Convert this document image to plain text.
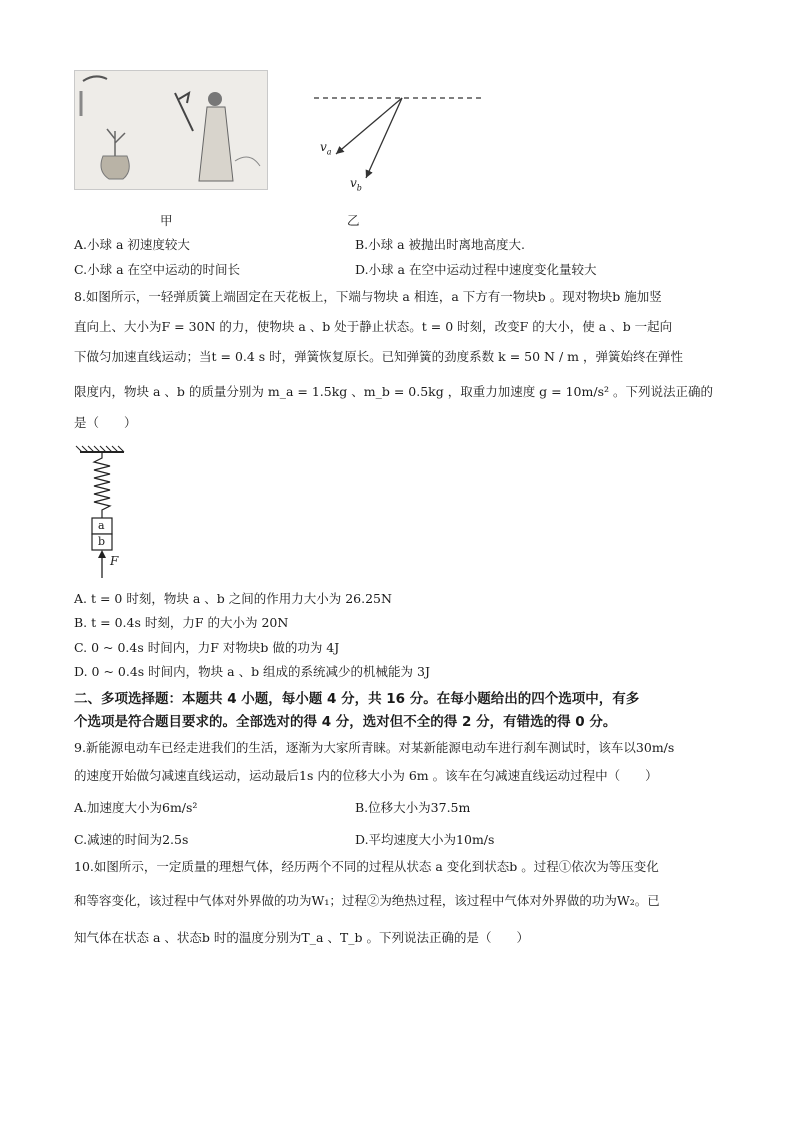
$v_a$
$v_b$
甲	乙
A.小球 a 初速度较大	B.小球 a 被抛出时离地高度大.
C.小球 a 在空中运动的时间长	D.小球 a 在空中运动过程中速度变化量较大
8.如图所示，一轻弹质簧上端固定在天花板上，下端与物块 a 相连，a 下方有一物块b 。现对物块b 施加竖
直向上、大小为F = 30N 的力，使物块 a 、b 处于静止状态。t = 0 时刻，改变F 的大小，使 a 、b 一起向
下做匀加速直线运动；当t = 0.4 s 时，弹簧恢复原长。已知弹簧的劲度系数 k = 50 N / m ，弹簧始终在弹性
限度内，物块 a 、b 的质量分别为 m_a = 1.5kg 、m_b = 0.5kg ，取重力加速度 g = 10m/s² 。下列说法正确的
是（　　）
a
b
F
A. t = 0 时刻，物块 a 、b 之间的作用力大小为 26.25N
B. t = 0.4s 时刻，力F 的大小为 20N
C. 0 ~ 0.4s 时间内，力F 对物块b 做的功为 4J
D. 0 ~ 0.4s 时间内，物块 a 、b 组成的系统减少的机械能为 3J
二、多项选择题：本题共 4 小题，每小题 4 分，共 16 分。在每小题给出的四个选项中，有多
个选项是符合题目要求的。全部选对的得 4 分，选对但不全的得 2 分，有错选的得 0 分。
9.新能源电动车已经走进我们的生活，逐渐为大家所青睐。对某新能源电动车进行刹车测试时，该车以30m/s
的速度开始做匀减速直线运动，运动最后1s 内的位移大小为 6m 。该车在匀减速直线运动过程中（　　）
A.加速度大小为6m/s²	B.位移大小为37.5m
C.减速的时间为2.5s	D.平均速度大小为10m/s
10.如图所示，一定质量的理想气体，经历两个不同的过程从状态 a 变化到状态b 。过程①依次为等压变化
和等容变化，该过程中气体对外界做的功为W₁；过程②为绝热过程，该过程中气体对外界做的功为W₂。已
知气体在状态 a 、状态b 时的温度分别为T_a 、T_b 。下列说法正确的是（　　）
